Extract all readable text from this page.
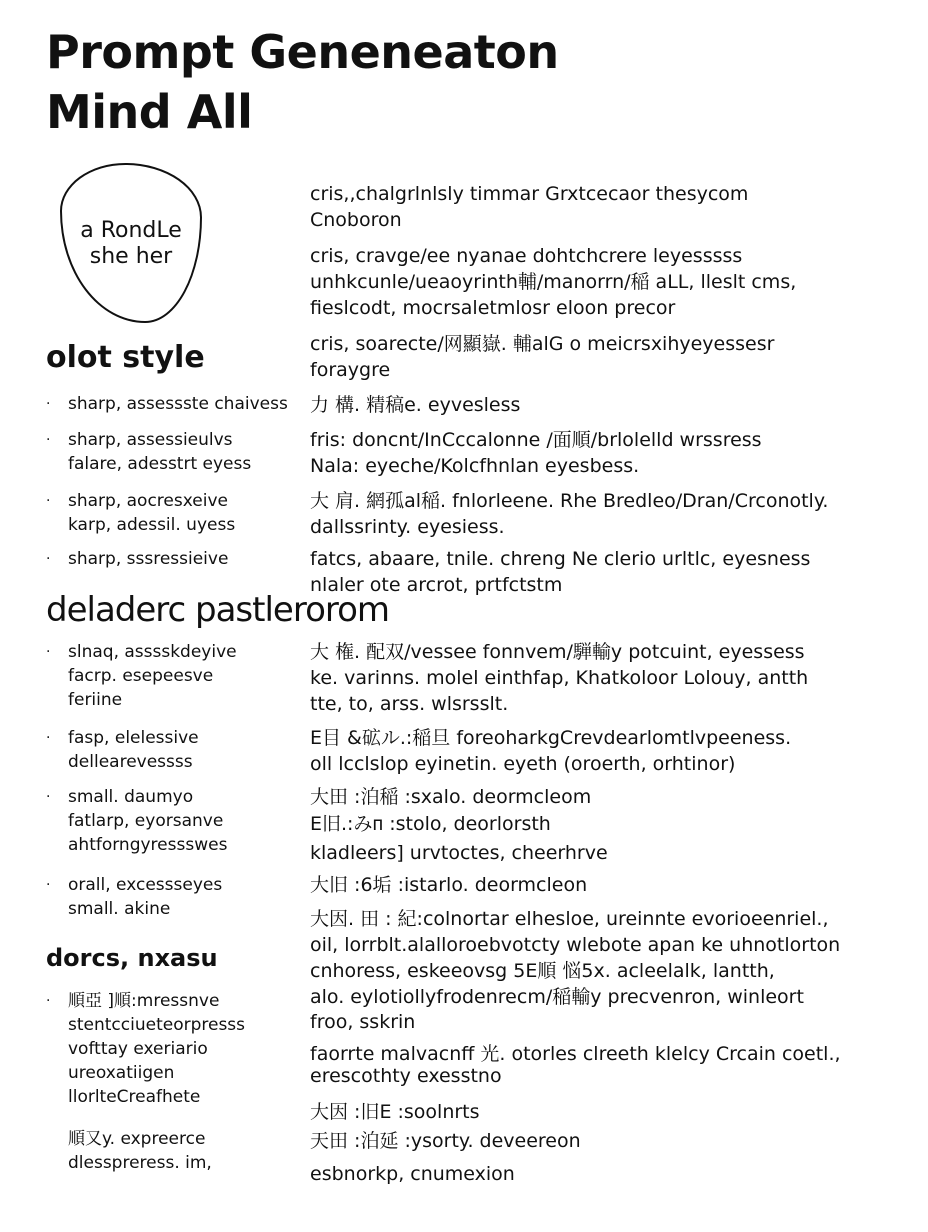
Prompt Geneneaton
Mind All
a RondLe
she her
olot style
deladerc pastlerorom
dorcs, nxasu
· sharp, assessste chaivess
· sharp, assessieulvs
falare, adesstrt eyess
· sharp, aocresxeive
karp, adessil. uyess
· sharp, sssressieive
· slnaq, asssskdeyive
facrp. esepeesve
feriine
· fasp, elelessive
dellearevessss
· small. daumyo
fatlarp, eyorsanve
ahtforngyressswes
· orall, excessseyes
small. akine
· 順亞 ]順:mressnve
stentcciueteorpresss
vofttay exeriario
ureoxatiigen
llorlteCreafhete
順又y. expreerce
dlesspreress. im,
cris,,chalgrlnlsly timmar Grxtcecaor thesycom
Cnoboron
cris, cravge/ee nyanae dohtchcrere leyesssss
unhkcunle/ueaoyrinth輔/manorrn/稲 aLL, lleslt cms,
fieslcodt, mocrsaletmlosr eloon precor
cris, soarecte/网顯嶽. 輔alG o meicrsxihyeyessesr
foraygre
力 構. 精稿e. eyvesless
fris: doncnt/InCccalonne /面順/brlolelld wrssress
Nala: eyeche/Kolcfhnlan eyesbess.
大 肩. 網孤al稲. fnlorleene. Rhe Bredleo/Dran/Crconotly.
dallssrinty. eyesiess.
fatcs, abaare, tnile. chreng Ne clerio urltlc, eyesness
nlaler ote arcrot, prtfctstm
大 権. 配双/vessee fonnvem/騨輸y potcuint, eyessess
ke. varinns. molel einthfap, Khatkoloor Lolouy, antth
tte, to, arss. wlsrsslt.
E目 &砿ル.:稲旦 foreoharkgCrevdearlomtlvpeeness.
oll lcclslop eyinetin. eyeth (oroerth, orhtinor)
大田 :泊稲 :sxalo. deormcleom
E旧.:みᴨ :stolo, deorlorsth
kladleers] urvtoctes, cheerhrve
大旧 :6垢 :istarlo. deormcleon
大因. 田 : 紀:colnortar elhesloe, ureinnte evorioeenriel.,
oil, lorrblt.alalloroebvotcty wlebote apan ke uhnotlorton
cnhoress, eskeeovsg 5E順 悩5x. acleelalk, lantth,
alo. eylotiollyfrodenrecm/稲輸y precvenron, winleort
froo, sskrin
faorrte malvacnff 光. otorles clreeth klelcy Crcain coetl.,
erescothty exesstno
大因 :旧E :soolnrts
天田 :泊延 :ysorty. deveereon
esbnorkp, cnumexion
